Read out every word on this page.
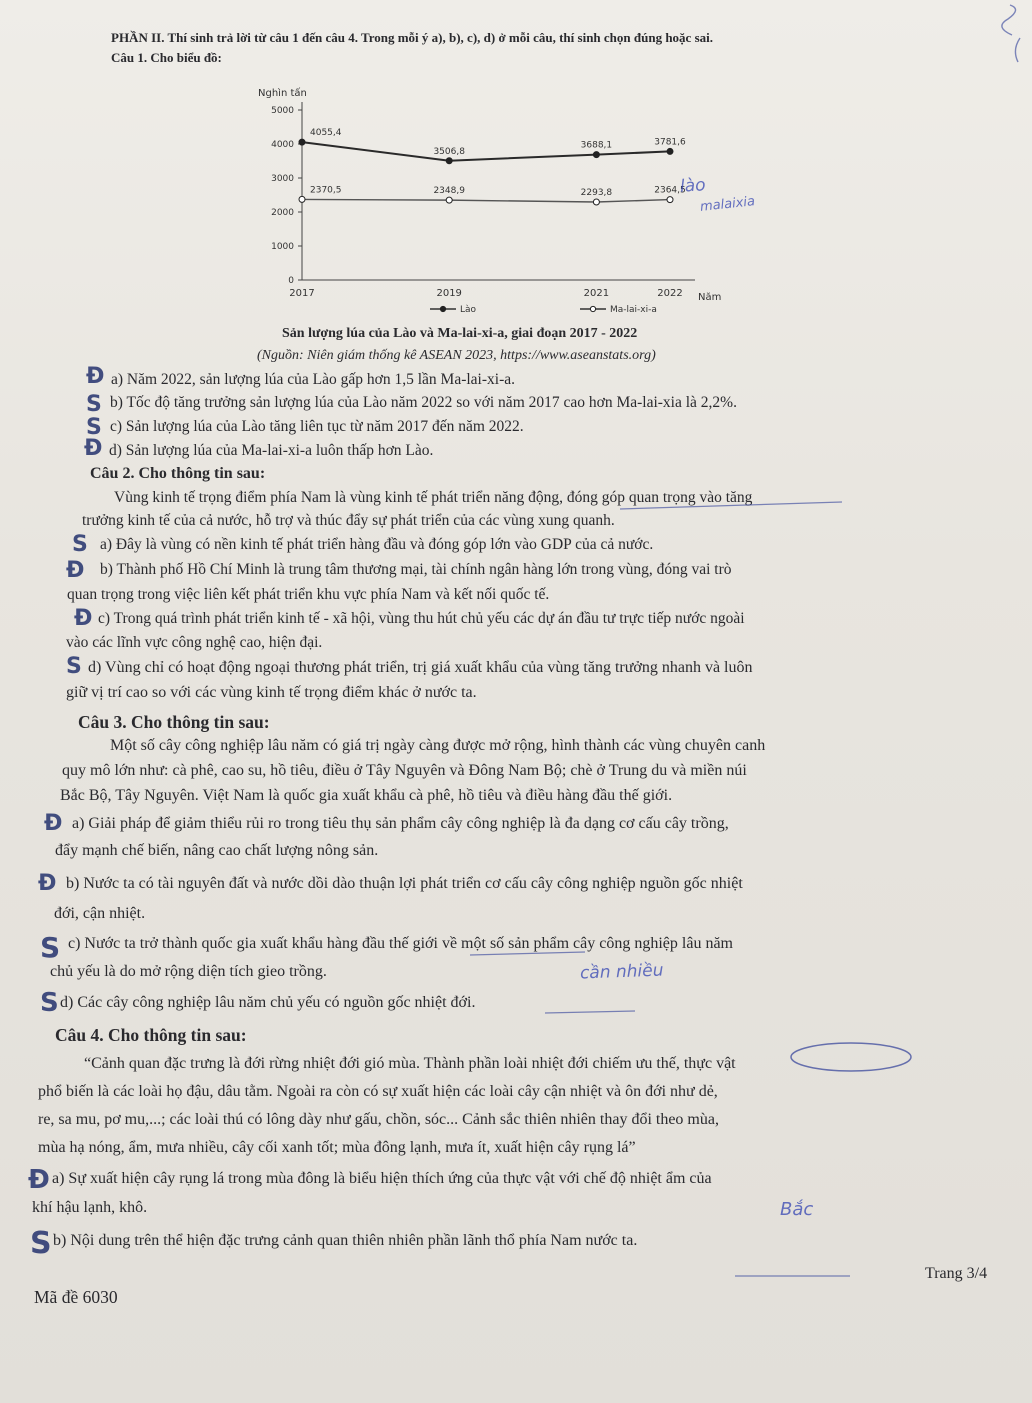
PHẦN II. Thí sinh trả lời từ câu 1 đến câu 4. Trong mỗi ý a), b), c), d) ở mỗi câu, thí sinh chọn đúng hoặc sai.
Câu 1. Cho biểu đồ:
0
1000
2000
3000
4000
5000
2017	2019	2021	2022
4055,4
3506,8
3688,1	3781,6
2370,5	2348,9	2293,8	2364,5
Nghìn tấn
Năm
Lào	Ma-lai-xi-a
Sản lượng lúa của Lào và Ma-lai-xi-a, giai đoạn 2017 - 2022
(Nguồn: Niên giám thống kê ASEAN 2023, https://www.aseanstats.org)
a) Năm 2022, sản lượng lúa của Lào gấp hơn 1,5 lần Ma-lai-xi-a.
b) Tốc độ tăng trưởng sản lượng lúa của Lào năm 2022 so với năm 2017 cao hơn Ma-lai-xia là 2,2%.
c) Sản lượng lúa của Lào tăng liên tục từ năm 2017 đến năm 2022.
d) Sản lượng lúa của Ma-lai-xi-a luôn thấp hơn Lào.
Câu 2. Cho thông tin sau:
Vùng kinh tế trọng điểm phía Nam là vùng kinh tế phát triển năng động, đóng góp quan trọng vào tăng
trưởng kinh tế của cả nước, hỗ trợ và thúc đẩy sự phát triển của các vùng xung quanh.
a) Đây là vùng có nền kinh tế phát triển hàng đầu và đóng góp lớn vào GDP của cả nước.
b) Thành phố Hồ Chí Minh là trung tâm thương mại, tài chính ngân hàng lớn trong vùng, đóng vai trò
quan trọng trong việc liên kết phát triển khu vực phía Nam và kết nối quốc tế.
c) Trong quá trình phát triển kinh tế - xã hội, vùng thu hút chủ yếu các dự án đầu tư trực tiếp nước ngoài
vào các lĩnh vực công nghệ cao, hiện đại.
d) Vùng chỉ có hoạt động ngoại thương phát triển, trị giá xuất khẩu của vùng tăng trưởng nhanh và luôn
giữ vị trí cao so với các vùng kinh tế trọng điểm khác ở nước ta.
Câu 3. Cho thông tin sau:
Một số cây công nghiệp lâu năm có giá trị ngày càng được mở rộng, hình thành các vùng chuyên canh
quy mô lớn như: cà phê, cao su, hồ tiêu, điều ở Tây Nguyên và Đông Nam Bộ; chè ở Trung du và miền núi
Bắc Bộ, Tây Nguyên. Việt Nam là quốc gia xuất khẩu cà phê, hồ tiêu và điều hàng đầu thế giới.
a) Giải pháp để giảm thiểu rủi ro trong tiêu thụ sản phẩm cây công nghiệp là đa dạng cơ cấu cây trồng,
đẩy mạnh chế biến, nâng cao chất lượng nông sản.
b) Nước ta có tài nguyên đất và nước dồi dào thuận lợi phát triển cơ cấu cây công nghiệp nguồn gốc nhiệt
đới, cận nhiệt.
c) Nước ta trở thành quốc gia xuất khẩu hàng đầu thế giới về một số sản phẩm cây công nghiệp lâu năm
chủ yếu là do mở rộng diện tích gieo trồng.
d) Các cây công nghiệp lâu năm chủ yếu có nguồn gốc nhiệt đới.
Câu 4. Cho thông tin sau:
“Cảnh quan đặc trưng là đới rừng nhiệt đới gió mùa. Thành phần loài nhiệt đới chiếm ưu thế, thực vật
phổ biến là các loài họ đậu, dâu tằm. Ngoài ra còn có sự xuất hiện các loài cây cận nhiệt và ôn đới như dẻ,
re, sa mu, pơ mu,...; các loài thú có lông dày như gấu, chồn, sóc... Cảnh sắc thiên nhiên thay đổi theo mùa,
mùa hạ nóng, ẩm, mưa nhiều, cây cối xanh tốt; mùa đông lạnh, mưa ít, xuất hiện cây rụng lá”
a) Sự xuất hiện cây rụng lá trong mùa đông là biểu hiện thích ứng của thực vật với chế độ nhiệt ẩm của
khí hậu lạnh, khô.
b) Nội dung trên thể hiện đặc trưng cảnh quan thiên nhiên phần lãnh thổ phía Nam nước ta.
Trang 3/4
Mã đề 6030
lào
malaixia
cần nhiều
Bắc
Đ
S
S
Đ
S
Đ
Đ
S
Đ
Đ
S
S
Đ
S
